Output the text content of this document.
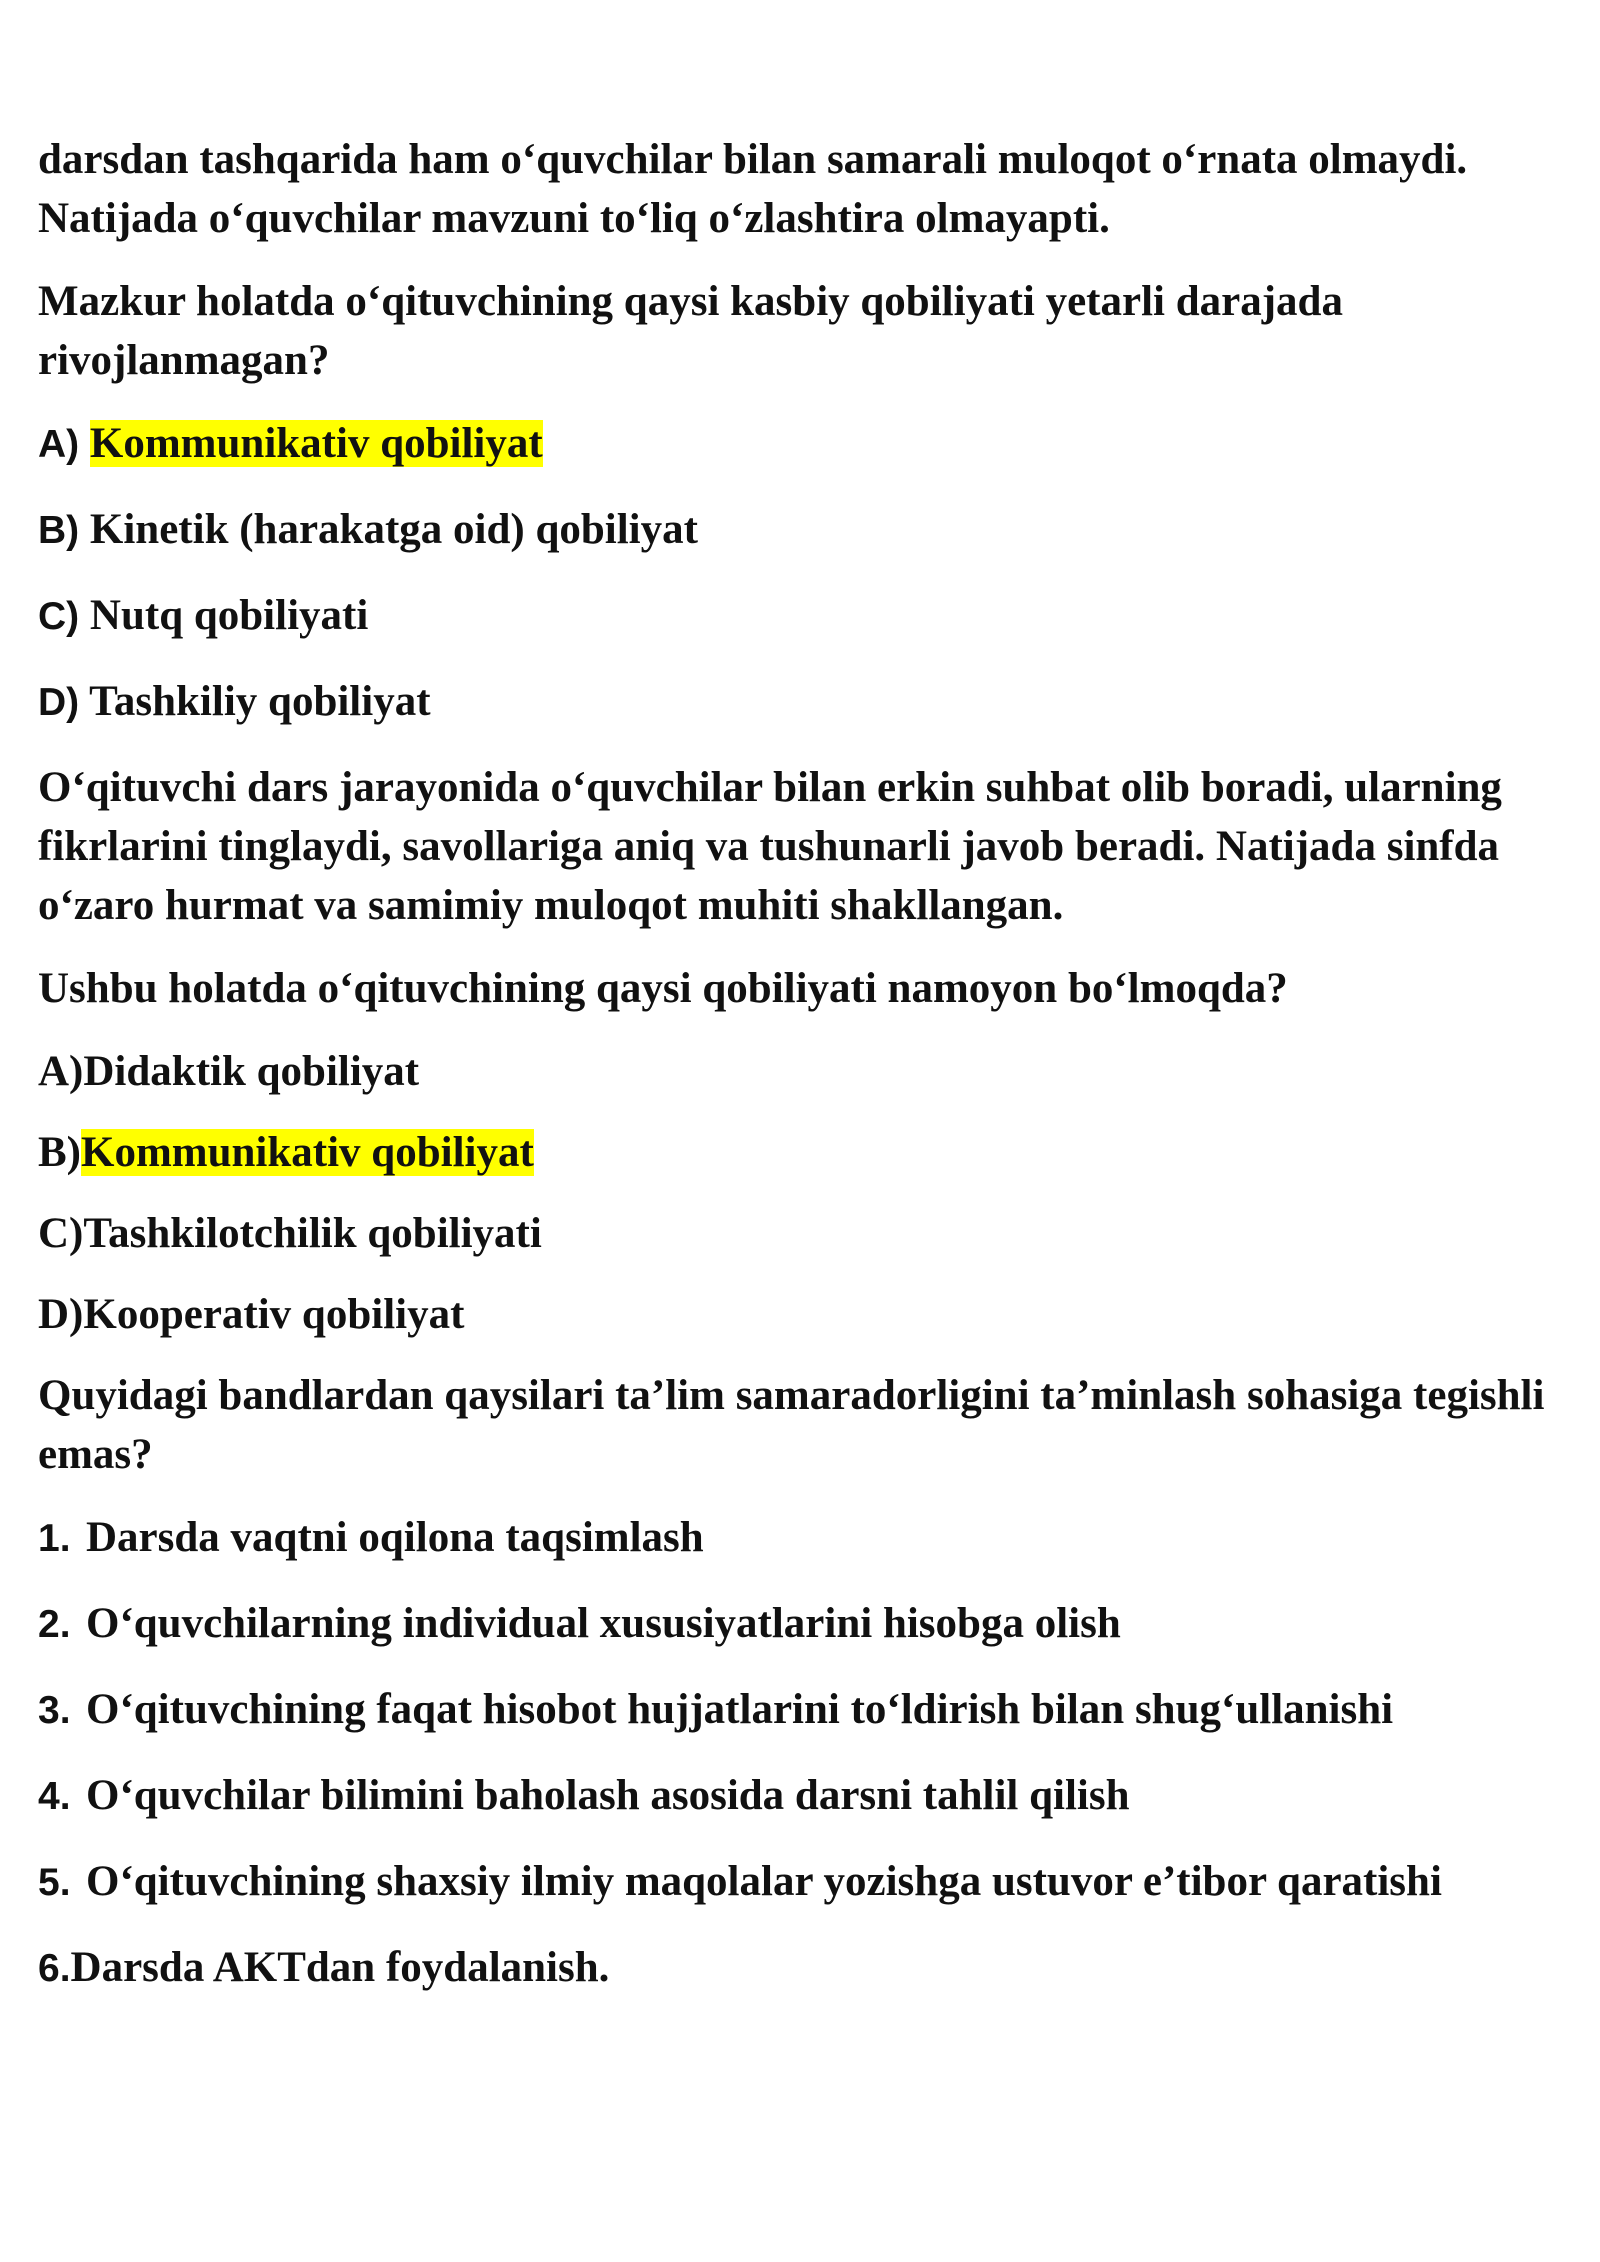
darsdan tashqarida ham o‘quvchilar bilan samarali muloqot o‘rnata olmaydi. Natijada o‘quvchilar mavzuni to‘liq o‘zlashtira olmayapti.

Mazkur holatda o‘qituvchining qaysi kasbiy qobiliyati yetarli darajada rivojlanmagan?

A) Kommunikativ qobiliyat
B) Kinetik (harakatga oid) qobiliyat
C) Nutq qobiliyati
D) Tashkiliy qobiliyat

O‘qituvchi dars jarayonida o‘quvchilar bilan erkin suhbat olib boradi, ularning fikrlarini tinglaydi, savollariga aniq va tushunarli javob beradi. Natijada sinfda o‘zaro hurmat va samimiy muloqot muhiti shakllangan.

Ushbu holatda o‘qituvchining qaysi qobiliyati namoyon bo‘lmoqda?

A)Didaktik qobiliyat
B)Kommunikativ qobiliyat
C)Tashkilotchilik qobiliyati
D)Kooperativ qobiliyat

Quyidagi bandlardan qaysilari ta’lim samaradorligini ta’minlash sohasiga tegishli emas?

1. Darsda vaqtni oqilona taqsimlash
2. O‘quvchilarning individual xususiyatlarini hisobga olish
3. O‘qituvchining faqat hisobot hujjatlarini to‘ldirish bilan shug‘ullanishi
4. O‘quvchilar bilimini baholash asosida darsni tahlil qilish
5. O‘qituvchining shaxsiy ilmiy maqolalar yozishga ustuvor e’tibor qaratishi
6.Darsda AKTdan foydalanish.
